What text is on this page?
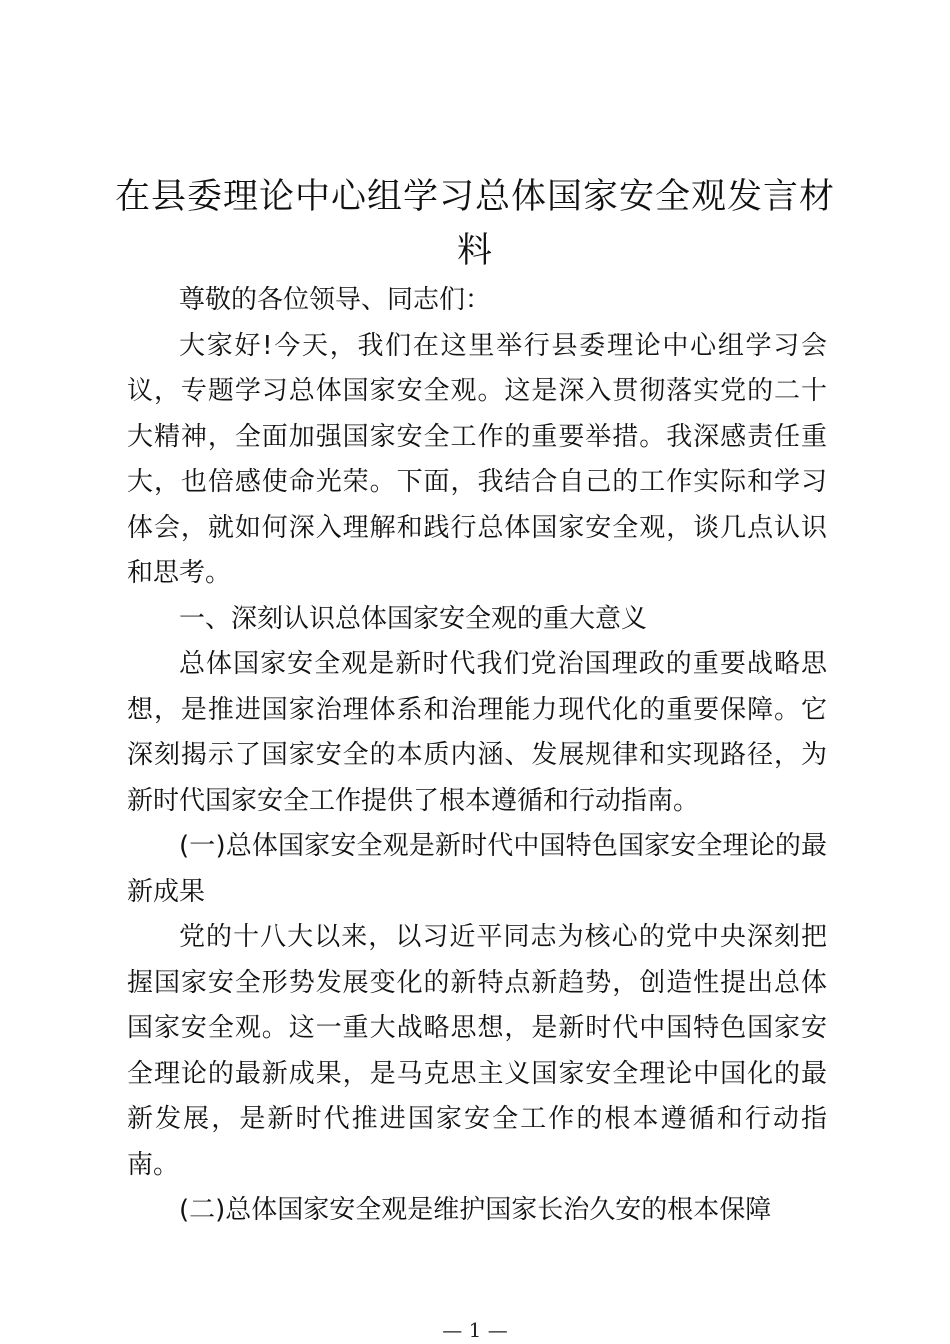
在县委理论中心组学习总体国家安全观发言材料

尊敬的各位领导、同志们：

大家好!今天，我们在这里举行县委理论中心组学习会议，专题学习总体国家安全观。这是深入贯彻落实党的二十大精神，全面加强国家安全工作的重要举措。我深感责任重大，也倍感使命光荣。下面，我结合自己的工作实际和学习体会，就如何深入理解和践行总体国家安全观，谈几点认识和思考。

一、深刻认识总体国家安全观的重大意义

总体国家安全观是新时代我们党治国理政的重要战略思想，是推进国家治理体系和治理能力现代化的重要保障。它深刻揭示了国家安全的本质内涵、发展规律和实现路径，为新时代国家安全工作提供了根本遵循和行动指南。

(一)总体国家安全观是新时代中国特色国家安全理论的最新成果

党的十八大以来，以习近平同志为核心的党中央深刻把握国家安全形势发展变化的新特点新趋势，创造性提出总体国家安全观。这一重大战略思想，是新时代中国特色国家安全理论的最新成果，是马克思主义国家安全理论中国化的最新发展，是新时代推进国家安全工作的根本遵循和行动指南。

(二)总体国家安全观是维护国家长治久安的根本保障

— 1 —
